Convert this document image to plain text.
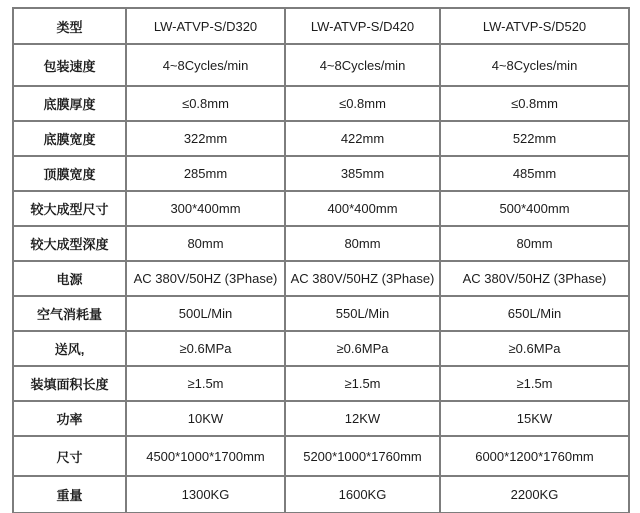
类型	LW-ATVP-S/D320	LW-ATVP-S/D420	LW-ATVP-S/D520
包装速度	4~8Cycles/min	4~8Cycles/min	4~8Cycles/min
底膜厚度	≤0.8mm	≤0.8mm	≤0.8mm
底膜宽度	322mm	422mm	522mm
顶膜宽度	285mm	385mm	485mm
较大成型尺寸	300*400mm	400*400mm	500*400mm
较大成型深度	80mm	80mm	80mm
电源	AC 380V/50HZ (3Phase)	AC 380V/50HZ (3Phase)	AC 380V/50HZ (3Phase)
空气消耗量	500L/Min	550L/Min	650L/Min
送风,	≥0.6MPa	≥0.6MPa	≥0.6MPa
装填面积长度	≥1.5m	≥1.5m	≥1.5m
功率	10KW	12KW	15KW
尺寸	4500*1000*1700mm	5200*1000*1760mm	6000*1200*1760mm
重量	1300KG	1600KG	2200KG
